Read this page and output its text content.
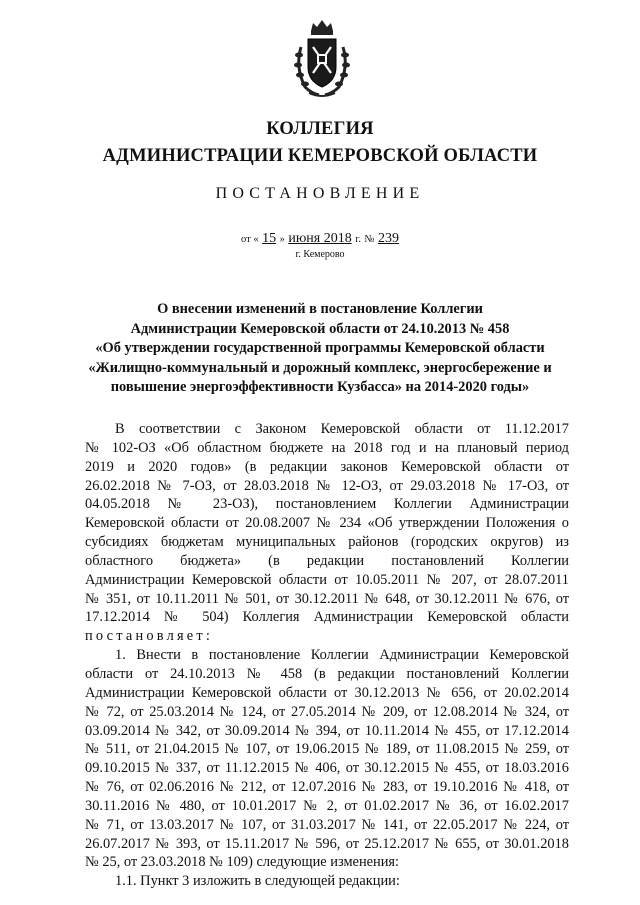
КОЛЛЕГИЯ
АДМИНИСТРАЦИИ КЕМЕРОВСКОЙ ОБЛАСТИ
ПОСТАНОВЛЕНИЕ
от « 15 » июня 2018 г. № 239
г. Кемерово
О внесении изменений в постановление Коллегии
Администрации Кемеровской области от 24.10.2013 № 458
«Об утверждении государственной программы Кемеровской области
«Жилищно-коммунальный и дорожный комплекс, энергосбережение и
повышение энергоэффективности Кузбасса» на 2014-2020 годы»
В соответствии с Законом Кемеровской области от 11.12.2017
№ 102-ОЗ «Об областном бюджете на 2018 год и на плановый период
2019 и 2020 годов» (в редакции законов Кемеровской области от
26.02.2018 № 7-ОЗ, от 28.03.2018 № 12-ОЗ, от 29.03.2018 № 17-ОЗ, от
04.05.2018 № 23-ОЗ), постановлением Коллегии Администрации
Кемеровской области от 20.08.2007 № 234 «Об утверждении Положения о
субсидиях бюджетам муниципальных районов (городских округов) из
областного бюджета» (в редакции постановлений Коллегии
Администрации Кемеровской области от 10.05.2011 № 207, от 28.07.2011
№ 351, от 10.11.2011 № 501, от 30.12.2011 № 648, от 30.12.2011 № 676, от
17.12.2014 № 504) Коллегия Администрации Кемеровской области
постановляет:
1. Внести в постановление Коллегии Администрации Кемеровской
области от 24.10.2013 № 458 (в редакции постановлений Коллегии
Администрации Кемеровской области от 30.12.2013 № 656, от 20.02.2014
№ 72, от 25.03.2014 № 124, от 27.05.2014 № 209, от 12.08.2014 № 324, от
03.09.2014 № 342, от 30.09.2014 № 394, от 10.11.2014 № 455, от 17.12.2014
№ 511, от 21.04.2015 № 107, от 19.06.2015 № 189, от 11.08.2015 № 259, от
09.10.2015 № 337, от 11.12.2015 № 406, от 30.12.2015 № 455, от 18.03.2016
№ 76, от 02.06.2016 № 212, от 12.07.2016 № 283, от 19.10.2016 № 418, от
30.11.2016 № 480, от 10.01.2017 № 2, от 01.02.2017 № 36, от 16.02.2017
№ 71, от 13.03.2017 № 107, от 31.03.2017 № 141, от 22.05.2017 № 224, от
26.07.2017 № 393, от 15.11.2017 № 596, от 25.12.2017 № 655, от 30.01.2018
№ 25, от 23.03.2018 № 109) следующие изменения:
1.1. Пункт 3 изложить в следующей редакции:
